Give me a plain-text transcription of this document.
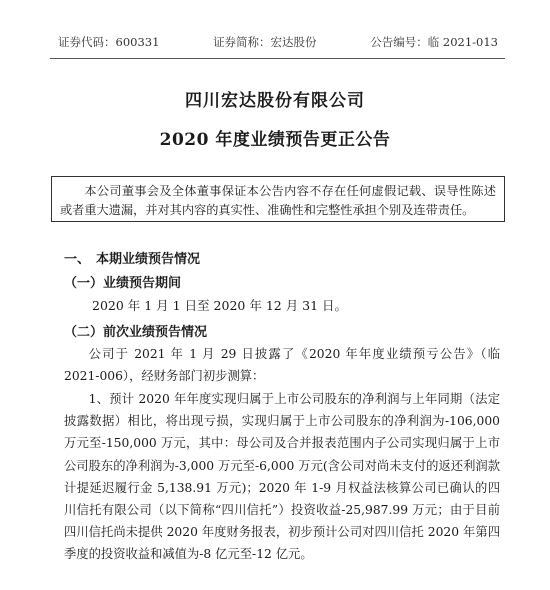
证券代码：600331	证券简称：宏达股份	公告编号：临 2021-013
四川宏达股份有限公司
2020 年度业绩预告更正公告
本公司董事会及全体董事保证本公告内容不存在任何虚假记载、误导性陈述或者重大遗漏，并对其内容的真实性、准确性和完整性承担个别及连带责任。
一、 本期业绩预告情况
（一）业绩预告期间
2020 年 1 月 1 日至 2020 年 12 月 31 日。
（二）前次业绩预告情况
公司于 2021 年 1 月 29 日披露了《2020 年年度业绩预亏公告》（临 2021-006），经财务部门初步测算：
1、预计 2020 年年度实现归属于上市公司股东的净利润与上年同期（法定披露数据）相比，将出现亏损，实现归属于上市公司股东的净利润为-106,000 万元至-150,000 万元，其中：母公司及合并报表范围内子公司实现归属于上市公司股东的净利润为-3,000 万元至-6,000 万元(含公司对尚未支付的返还利润款计提延迟履行金 5,138.91 万元)；2020 年 1-9 月权益法核算公司已确认的四川信托有限公司（以下简称“四川信托”）投资收益-25,987.99 万元；由于目前四川信托尚未提供 2020 年度财务报表，初步预计公司对四川信托 2020 年第四季度的投资收益和减值为-8 亿元至-12 亿元。
